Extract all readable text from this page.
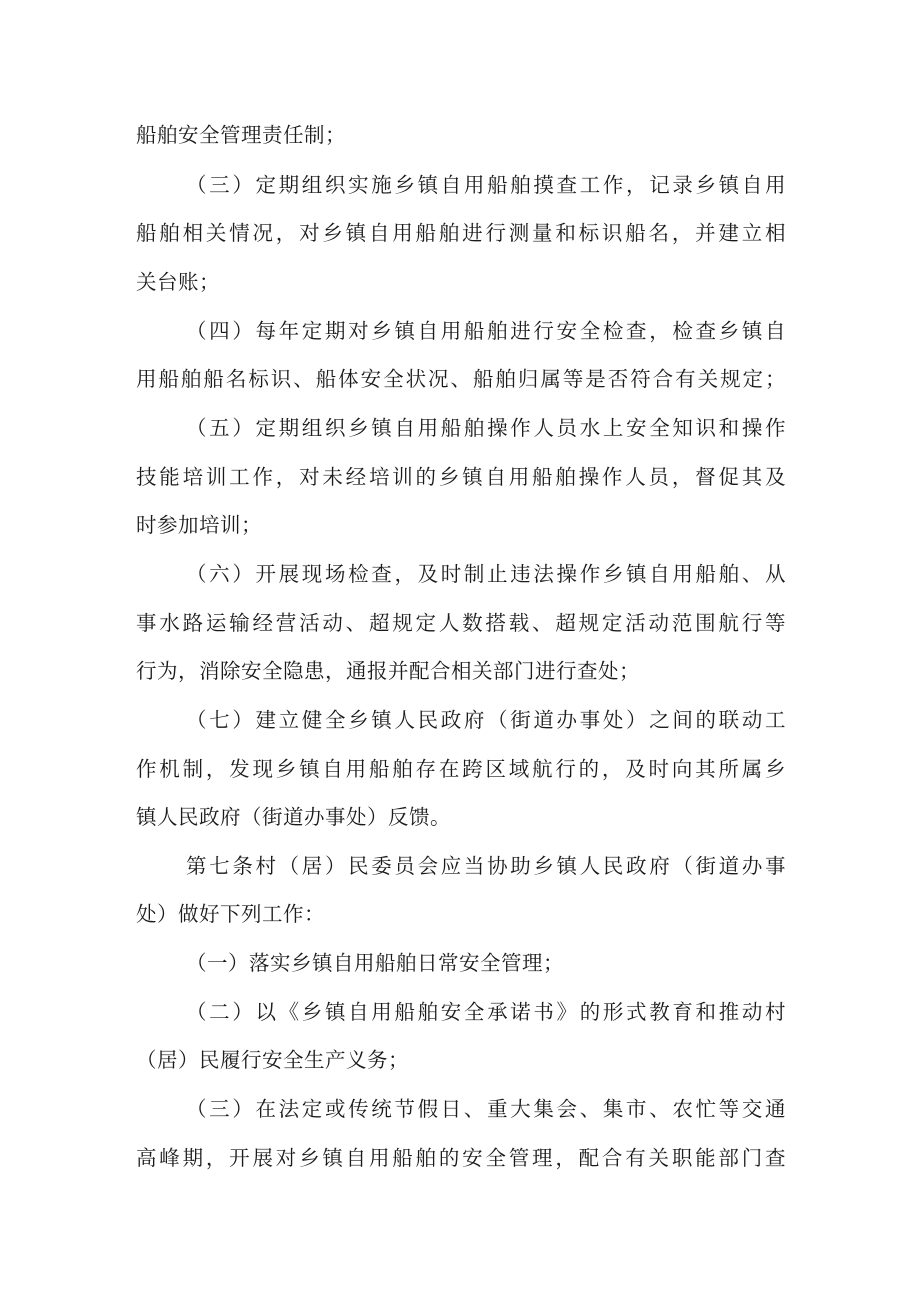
船舶安全管理责任制；
（三）定期组织实施乡镇自用船舶摸查工作，记录乡镇自用
船舶相关情况，对乡镇自用船舶进行测量和标识船名，并建立相
关台账；
（四）每年定期对乡镇自用船舶进行安全检查，检查乡镇自
用船舶船名标识、船体安全状况、船舶归属等是否符合有关规定；
（五）定期组织乡镇自用船舶操作人员水上安全知识和操作
技能培训工作，对未经培训的乡镇自用船舶操作人员，督促其及
时参加培训；
（六）开展现场检查，及时制止违法操作乡镇自用船舶、从
事水路运输经营活动、超规定人数搭载、超规定活动范围航行等
行为，消除安全隐患，通报并配合相关部门进行查处；
（七）建立健全乡镇人民政府（街道办事处）之间的联动工
作机制，发现乡镇自用船舶存在跨区域航行的，及时向其所属乡
镇人民政府（街道办事处）反馈。
第七条村（居）民委员会应当协助乡镇人民政府（街道办事
处）做好下列工作：
（一）落实乡镇自用船舶日常安全管理；
（二）以《乡镇自用船舶安全承诺书》的形式教育和推动村
（居）民履行安全生产义务；
（三）在法定或传统节假日、重大集会、集市、农忙等交通
高峰期，开展对乡镇自用船舶的安全管理，配合有关职能部门查
